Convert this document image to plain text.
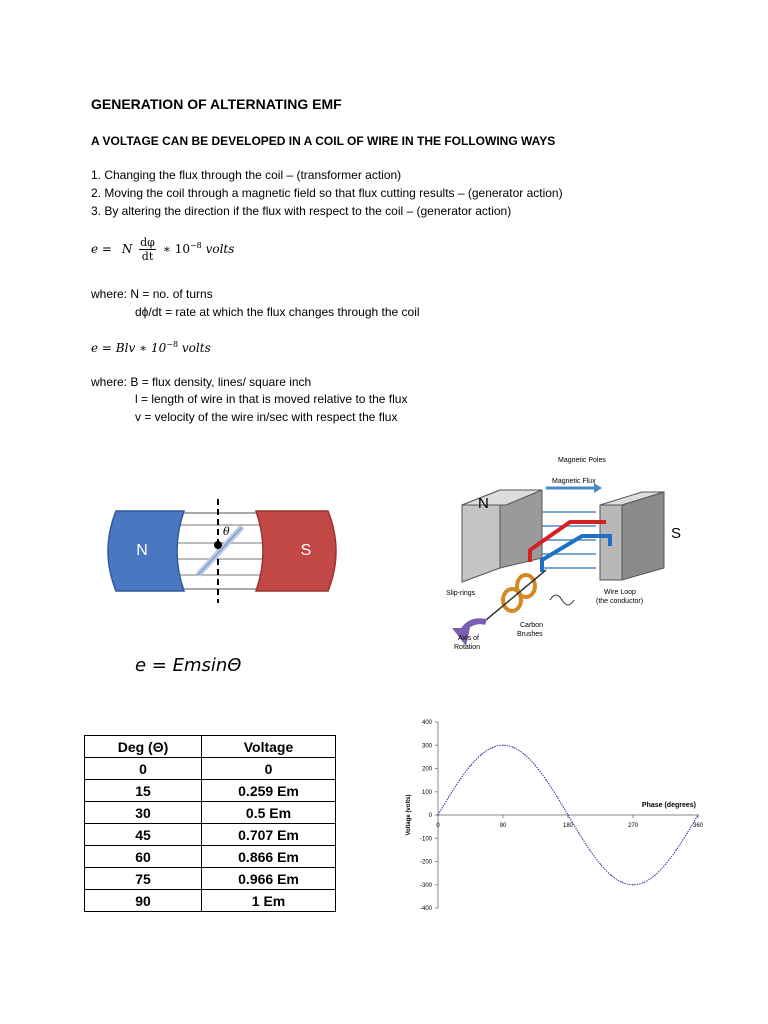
GENERATION OF ALTERNATING EMF
A VOLTAGE CAN BE DEVELOPED IN A COIL OF WIRE IN THE FOLLOWING WAYS
1. Changing the flux through the coil – (transformer action)
2. Moving the coil through a magnetic field so that flux cutting results – (generator action)
3. By altering the direction if the flux with respect to the coil – (generator action)
e = N $\frac{d\varphi}{dt}$ ∗ $10^{-8}$ volts
where: N = no. of turns
dϕ/dt = rate at which the flux changes through the coil
e = Blv ∗ $10^{-8}$ volts
where: B = flux density, lines/ square inch
l = length of wire in that is moved relative to the flux
v = velocity of the wire in/sec with respect the flux
θ
N	S
Magnetic Poles
Magnetic Flux
N
S
Slip-rings	Wire Loop
(the conductor)
Carbon
Brushes
Axis of
Rotation
e = EmsinΘ
Deg (Θ)	Voltage
0	0
15	0.259 Em
30	0.5 Em
45	0.707 Em
60	0.866 Em
75	0.966 Em
90	1 Em
400
300
200
100
0
-100
-200
-300
-400
0	90	180	270	360
Phase (degrees)
Voltage (volts)
